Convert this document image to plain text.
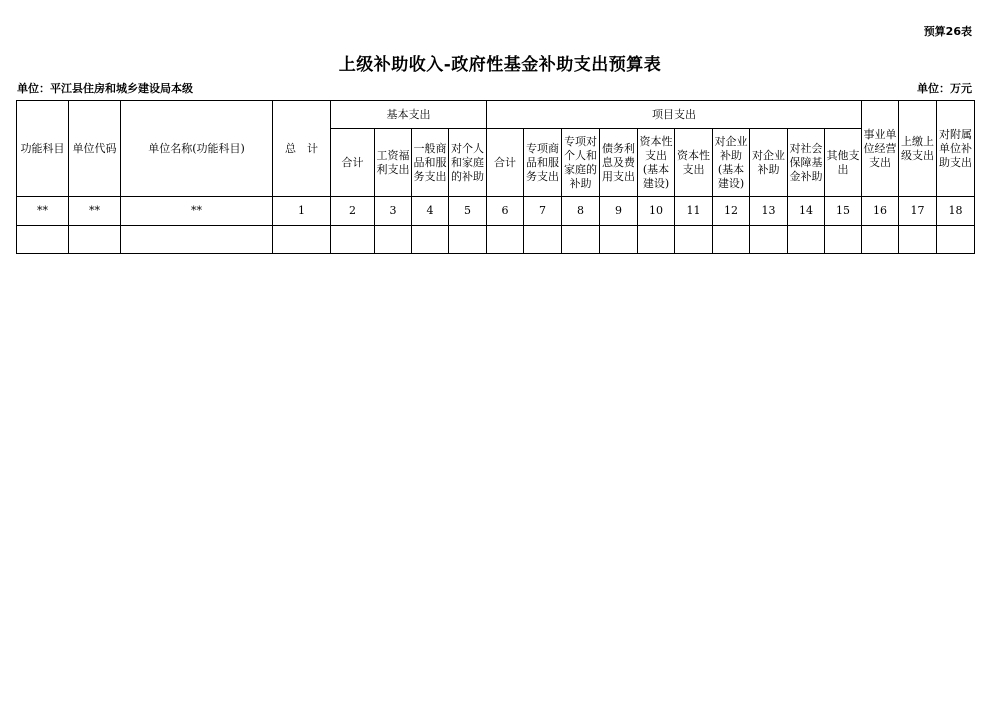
预算26表
上级补助收入-政府性基金补助支出预算表
单位：平江县住房和城乡建设局本级	单位：万元
功能科目	单位代码	单位名称(功能科目)	总　计	基本支出				项目支出										事业单位经营支出	上缴上级支出	对附属单位补助支出
				合计	工资福利支出	一般商品和服务支出	对个人和家庭的补助	合计	专项商品和服务支出	专项对个人和家庭的补助	债务利息及费用支出	资本性支出(基本建设)	资本性支出	对企业补助(基本建设)	对企业补助	对社会保障基金补助	其他支出			
**	**	**	1	2	3	4	5	6	7	8	9	10	11	12	13	14	15	16	17	18
